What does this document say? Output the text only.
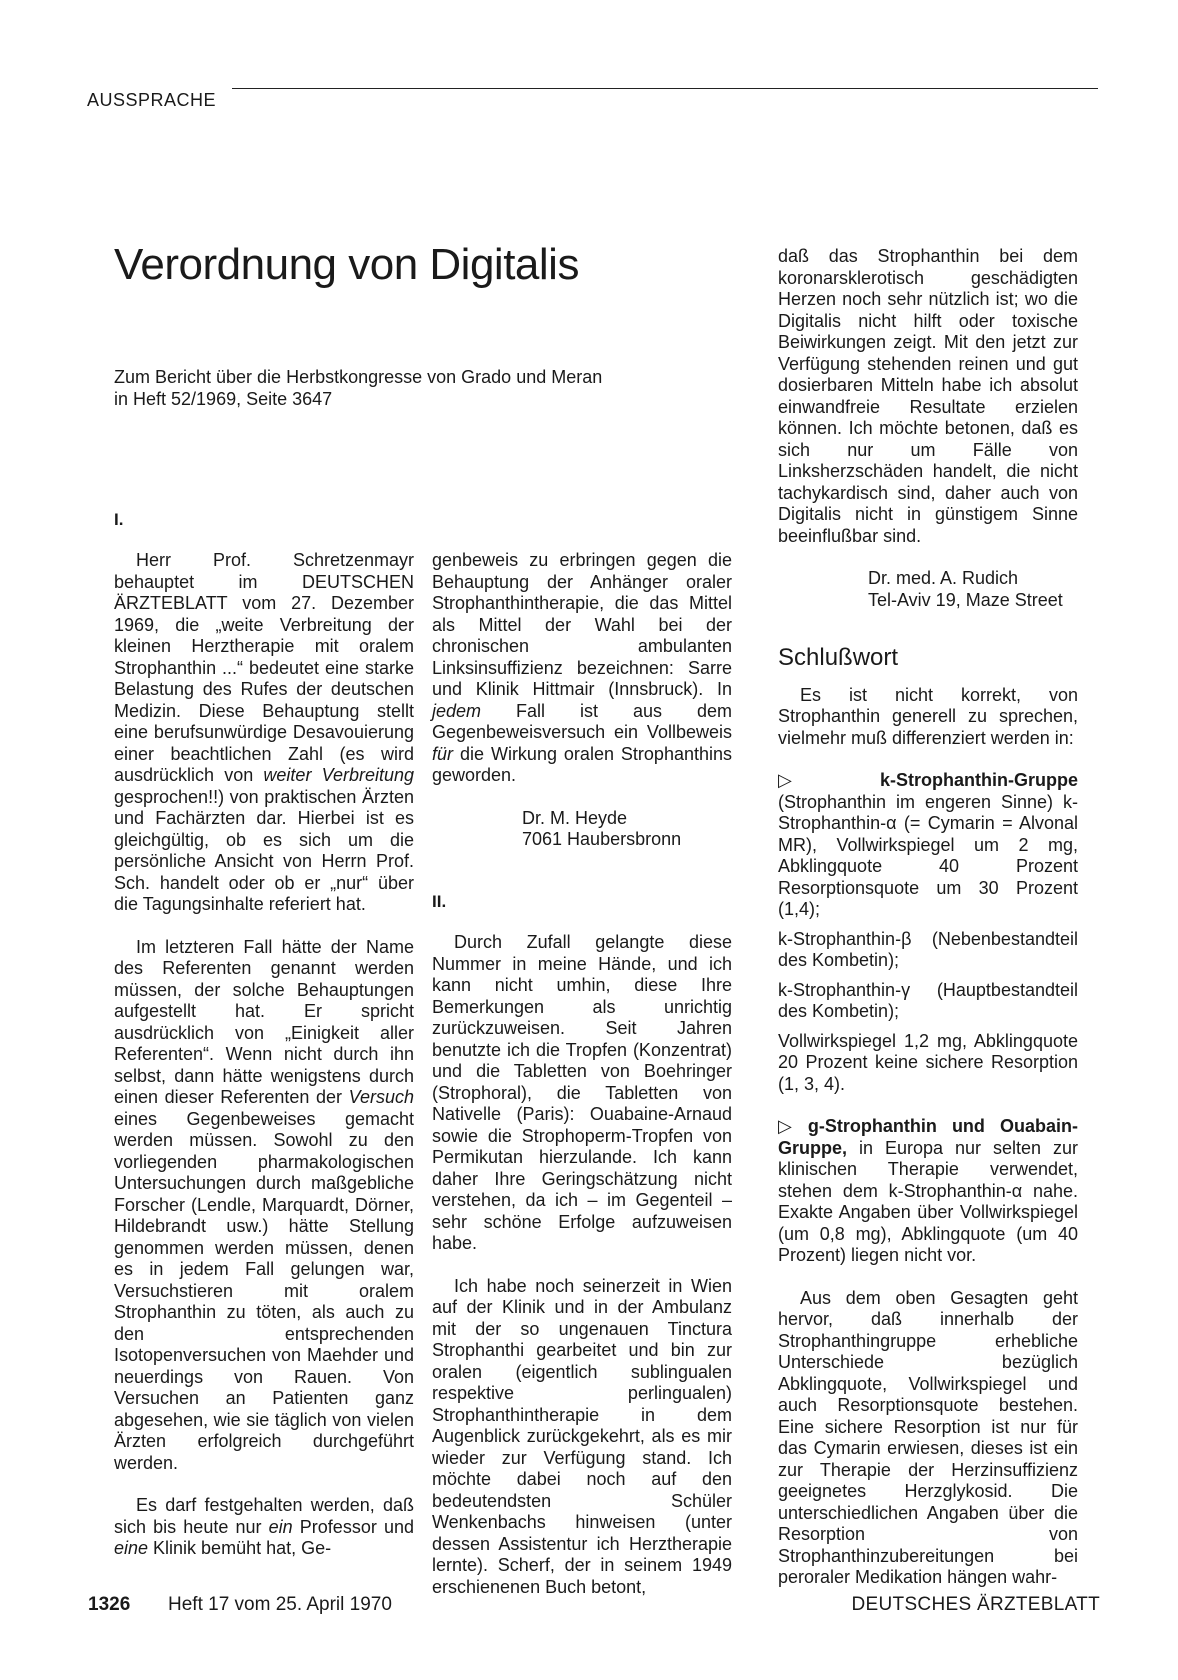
AUSSPRACHE
Verordnung von Digitalis

Zum Bericht über die Herbstkongresse von Grado und Meran

in Heft 52/1969, Seite 3647

I.

Herr Prof. Schretzenmayr behauptet im DEUTSCHEN ÄRZTEBLATT vom 27. Dezember 1969, die „weite Verbreitung der kleinen Herztherapie mit oralem Strophanthin ...“ bedeutet eine starke Belastung des Rufes der deutschen Medizin. Diese Behauptung stellt eine berufsunwürdige Desavouierung einer beachtlichen Zahl (es wird ausdrücklich von weiter Verbreitung gesprochen!!) von praktischen Ärzten und Fachärzten dar. Hierbei ist es gleichgültig, ob es sich um die persönliche Ansicht von Herrn Prof. Sch. handelt oder ob er „nur“ über die Tagungsinhalte referiert hat.

Im letzteren Fall hätte der Name des Referenten genannt werden müssen, der solche Behauptungen aufgestellt hat. Er spricht ausdrücklich von „Einigkeit aller Referenten“. Wenn nicht durch ihn selbst, dann hätte wenigstens durch einen dieser Referenten der Versuch eines Gegenbeweises gemacht werden müssen. Sowohl zu den vorliegenden pharmakologischen Untersuchungen durch maßgebliche Forscher (Lendle, Marquardt, Dörner, Hildebrandt usw.) hätte Stellung genommen werden müssen, denen es in jedem Fall gelungen war, Versuchstieren mit oralem Strophanthin zu töten, als auch zu den entsprechenden Isotopenversuchen von Maehder und neuerdings von Rauen. Von Versuchen an Patienten ganz abgesehen, wie sie täglich von vielen Ärzten erfolgreich durchgeführt werden.

Es darf festgehalten werden, daß sich bis heute nur ein Professor und eine Klinik bemüht hat, Ge-

genbeweis zu erbringen gegen die Behauptung der Anhänger oraler Strophanthintherapie, die das Mittel als Mittel der Wahl bei der chronischen ambulanten Linksinsuffizienz bezeichnen: Sarre und Klinik Hittmair (Innsbruck). In jedem Fall ist aus dem Gegenbeweisversuch ein Vollbeweis für die Wirkung oralen Strophanthins geworden.

Dr. M. Heyde
7061 Haubersbronn

II.

Durch Zufall gelangte diese Nummer in meine Hände, und ich kann nicht umhin, diese Ihre Bemerkungen als unrichtig zurückzuweisen. Seit Jahren benutzte ich die Tropfen (Konzentrat) und die Tabletten von Boehringer (Strophoral), die Tabletten von Nativelle (Paris): Ouabaine-Arnaud sowie die Strophoperm-Tropfen von Permikutan hierzulande. Ich kann daher Ihre Geringschätzung nicht verstehen, da ich – im Gegenteil – sehr schöne Erfolge aufzuweisen habe.

Ich habe noch seinerzeit in Wien auf der Klinik und in der Ambulanz mit der so ungenauen Tinctura Strophanthi gearbeitet und bin zur oralen (eigentlich sublingualen respektive perlingualen) Strophanthintherapie in dem Augenblick zurückgekehrt, als es mir wieder zur Verfügung stand. Ich möchte dabei noch auf den bedeutendsten Schüler Wenkenbachs hinweisen (unter dessen Assistentur ich Herztherapie lernte). Scherf, der in seinem 1949 erschienenen Buch betont,

daß das Strophanthin bei dem koronarsklerotisch geschädigten Herzen noch sehr nützlich ist; wo die Digitalis nicht hilft oder toxische Beiwirkungen zeigt. Mit den jetzt zur Verfügung stehenden reinen und gut dosierbaren Mitteln habe ich absolut einwandfreie Resultate erzielen können. Ich möchte betonen, daß es sich nur um Fälle von Linksherzschäden handelt, die nicht tachykardisch sind, daher auch von Digitalis nicht in günstigem Sinne beeinflußbar sind.

Dr. med. A. Rudich
Tel-Aviv 19, Maze Street
Schlußwort

Es ist nicht korrekt, von Strophanthin generell zu sprechen, vielmehr muß differenziert werden in:

▷ k-Strophanthin-Gruppe (Strophanthin im engeren Sinne) k-Strophanthin-α (= Cymarin = Alvonal MR), Vollwirkspiegel um 2 mg, Abklingquote 40 Prozent Resorptionsquote um 30 Prozent (1,4);

k-Strophanthin-β (Nebenbestandteil des Kombetin);

k-Strophanthin-γ (Hauptbestandteil des Kombetin);

Vollwirkspiegel 1,2 mg, Abklingquote 20 Prozent keine sichere Resorption (1, 3, 4).

▷ g-Strophanthin und Ouabain-Gruppe, in Europa nur selten zur klinischen Therapie verwendet, stehen dem k-Strophanthin-α nahe. Exakte Angaben über Vollwirkspiegel (um 0,8 mg), Abklingquote (um 40 Prozent) liegen nicht vor.

Aus dem oben Gesagten geht hervor, daß innerhalb der Strophanthingruppe erhebliche Unterschiede bezüglich Abklingquote, Vollwirkspiegel und auch Resorptionsquote bestehen. Eine sichere Resorption ist nur für das Cymarin erwiesen, dieses ist ein zur Therapie der Herzinsuffizienz geeignetes Herzglykosid. Die unterschiedlichen Angaben über die Resorption von Strophanthinzubereitungen bei peroraler Medikation hängen wahr-

1326 Heft 17 vom 25. April 1970	DEUTSCHES ÄRZTEBLATT
